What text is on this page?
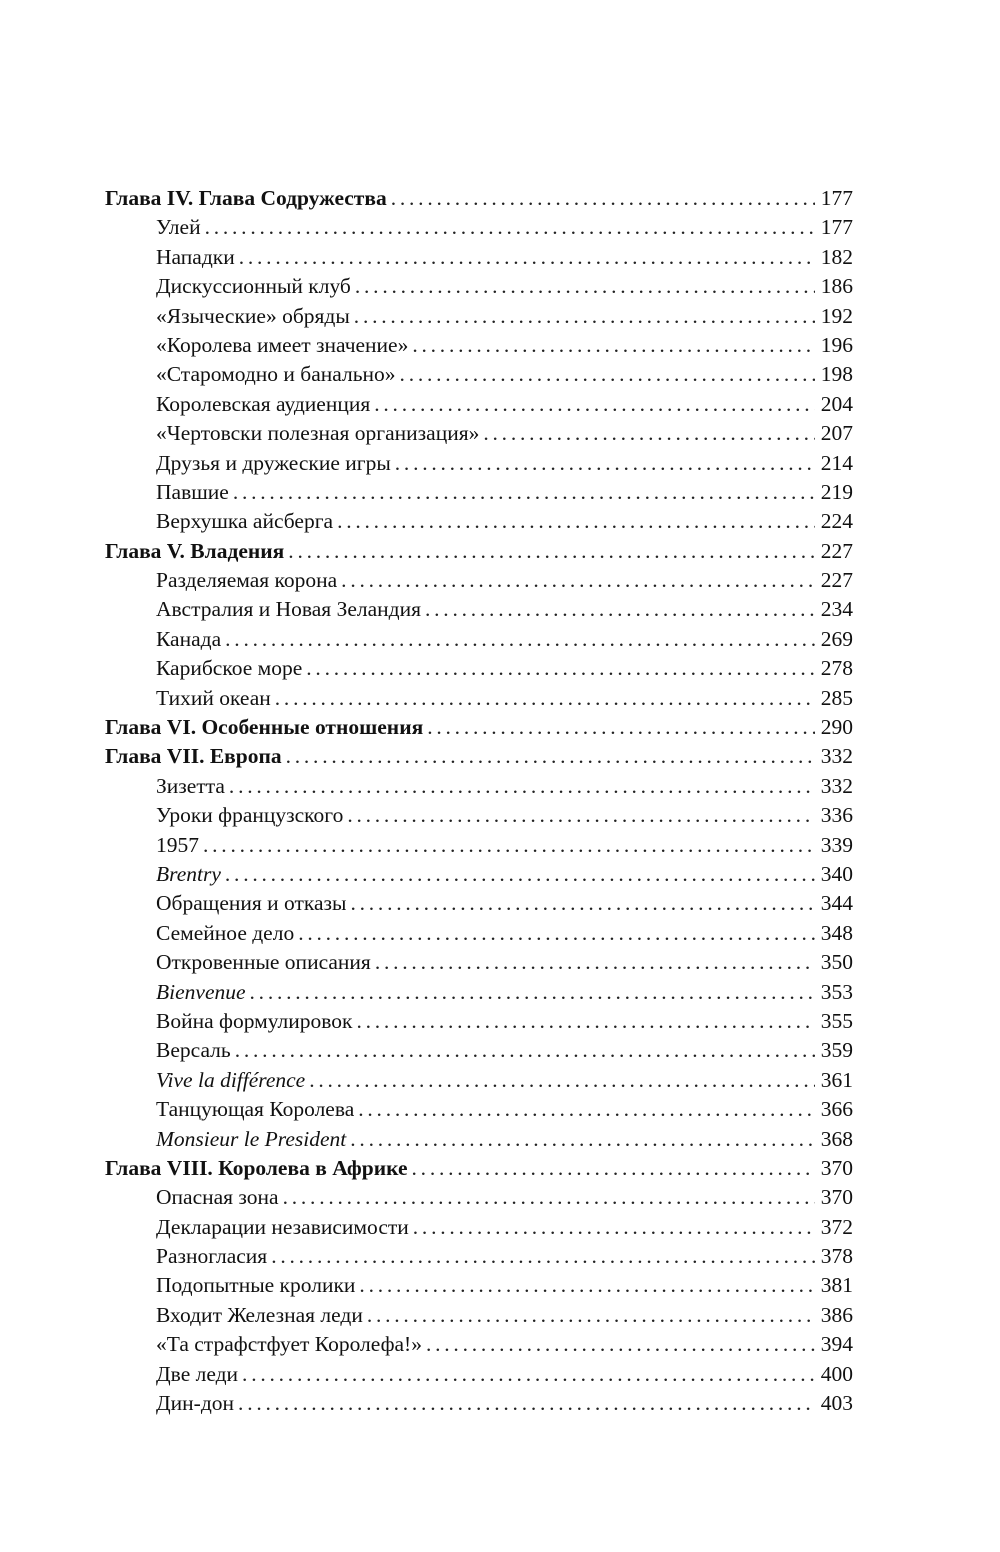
Глава IV. Глава Содружества . . .	177
Улей . . .	177
Нападки . . .	182
Дискуссионный клуб . . .	186
«Языческие» обряды . . .	192
«Королева имеет значение» . . .	196
«Старомодно и банально» . . .	198
Королевская аудиенция . . .	204
«Чертовски полезная организация» . . .	207
Друзья и дружеские игры . . .	214
Павшие . . .	219
Верхушка айсберга . . .	224
Глава V. Владения . . .	227
Разделяемая корона . . .	227
Австралия и Новая Зеландия . . .	234
Канада . . .	269
Карибское море . . .	278
Тихий океан . . .	285
Глава VI. Особенные отношения . . .	290
Глава VII. Европа . . .	332
Зизетта . . .	332
Уроки французского . . .	336
1957 . . .	339
Brentry . . .	340
Обращения и отказы . . .	344
Семейное дело . . .	348
Откровенные описания . . .	350
Bienvenue . . .	353
Война формулировок . . .	355
Версаль . . .	359
Vive la différence . . .	361
Танцующая Королева . . .	366
Monsieur le President . . .	368
Глава VIII. Королева в Африке . . .	370
Опасная зона . . .	370
Декларации независимости . . .	372
Разногласия . . .	378
Подопытные кролики . . .	381
Входит Железная леди . . .	386
«Та страфстфует Королефа!» . . .	394
Две леди . . .	400
Дин-дон . . .	403
